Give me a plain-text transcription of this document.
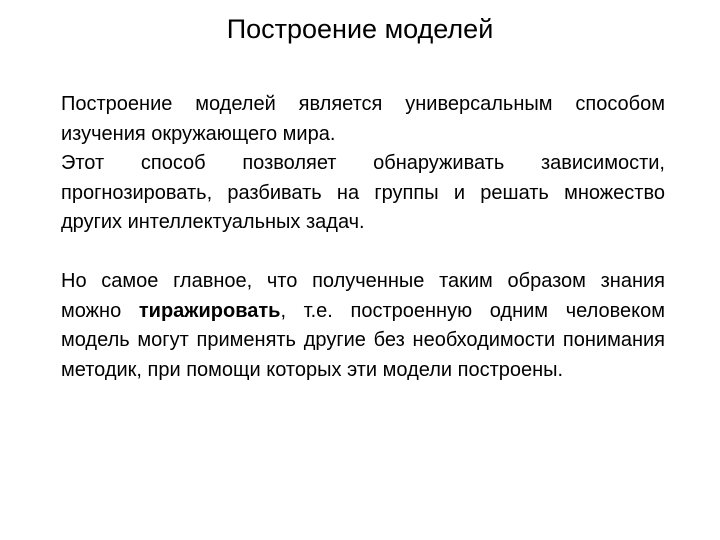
Построение моделей

Построение моделей является универсальным способом изучения окружающего мира.

Этот способ позволяет обнаруживать зависимости, прогнозировать, разбивать на группы и решать множество других интеллектуальных задач.

Но самое главное, что полученные таким образом знания можно тиражировать, т.е. построенную одним человеком модель могут применять другие без необходимости понимания методик, при помощи которых эти модели построены.
